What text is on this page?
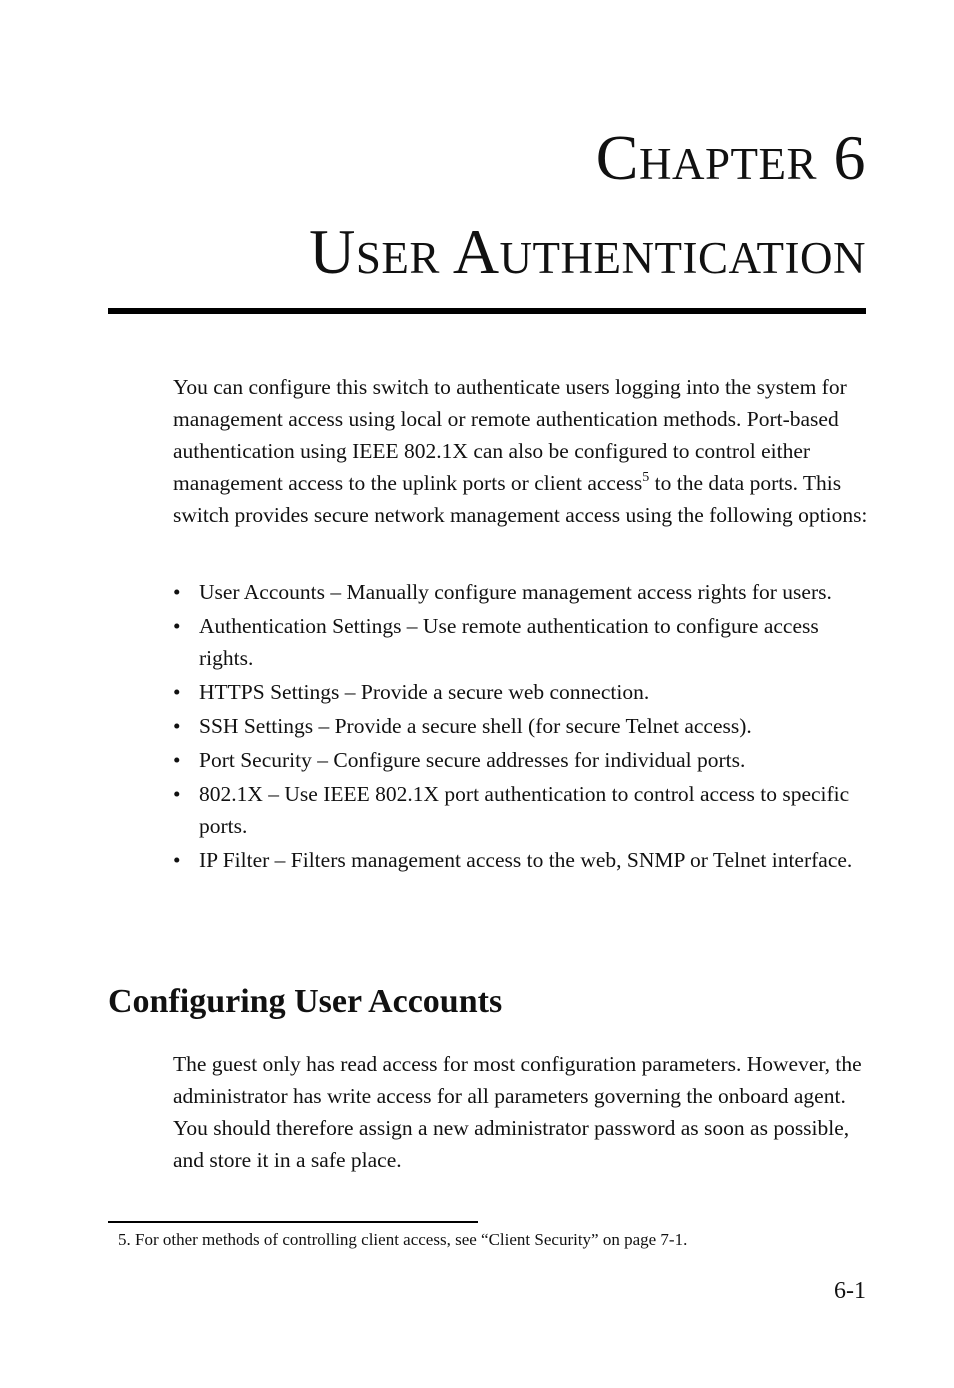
Chapter 6
User Authentication

You can configure this switch to authenticate users logging into the system for management access using local or remote authentication methods. Port-based authentication using IEEE 802.1X can also be configured to control either management access to the uplink ports or client access$^5$ to the data ports. This switch provides secure network management access using the following options:

• User Accounts – Manually configure management access rights for users.
• Authentication Settings – Use remote authentication to configure access rights.
• HTTPS Settings – Provide a secure web connection.
• SSH Settings – Provide a secure shell (for secure Telnet access).
• Port Security – Configure secure addresses for individual ports.
• 802.1X – Use IEEE 802.1X port authentication to control access to specific ports.
• IP Filter – Filters management access to the web, SNMP or Telnet interface.
Configuring User Accounts

The guest only has read access for most configuration parameters. However, the administrator has write access for all parameters governing the onboard agent. You should therefore assign a new administrator password as soon as possible, and store it in a safe place.

5. For other methods of controlling client access, see “Client Security” on page 7-1.
6-1
